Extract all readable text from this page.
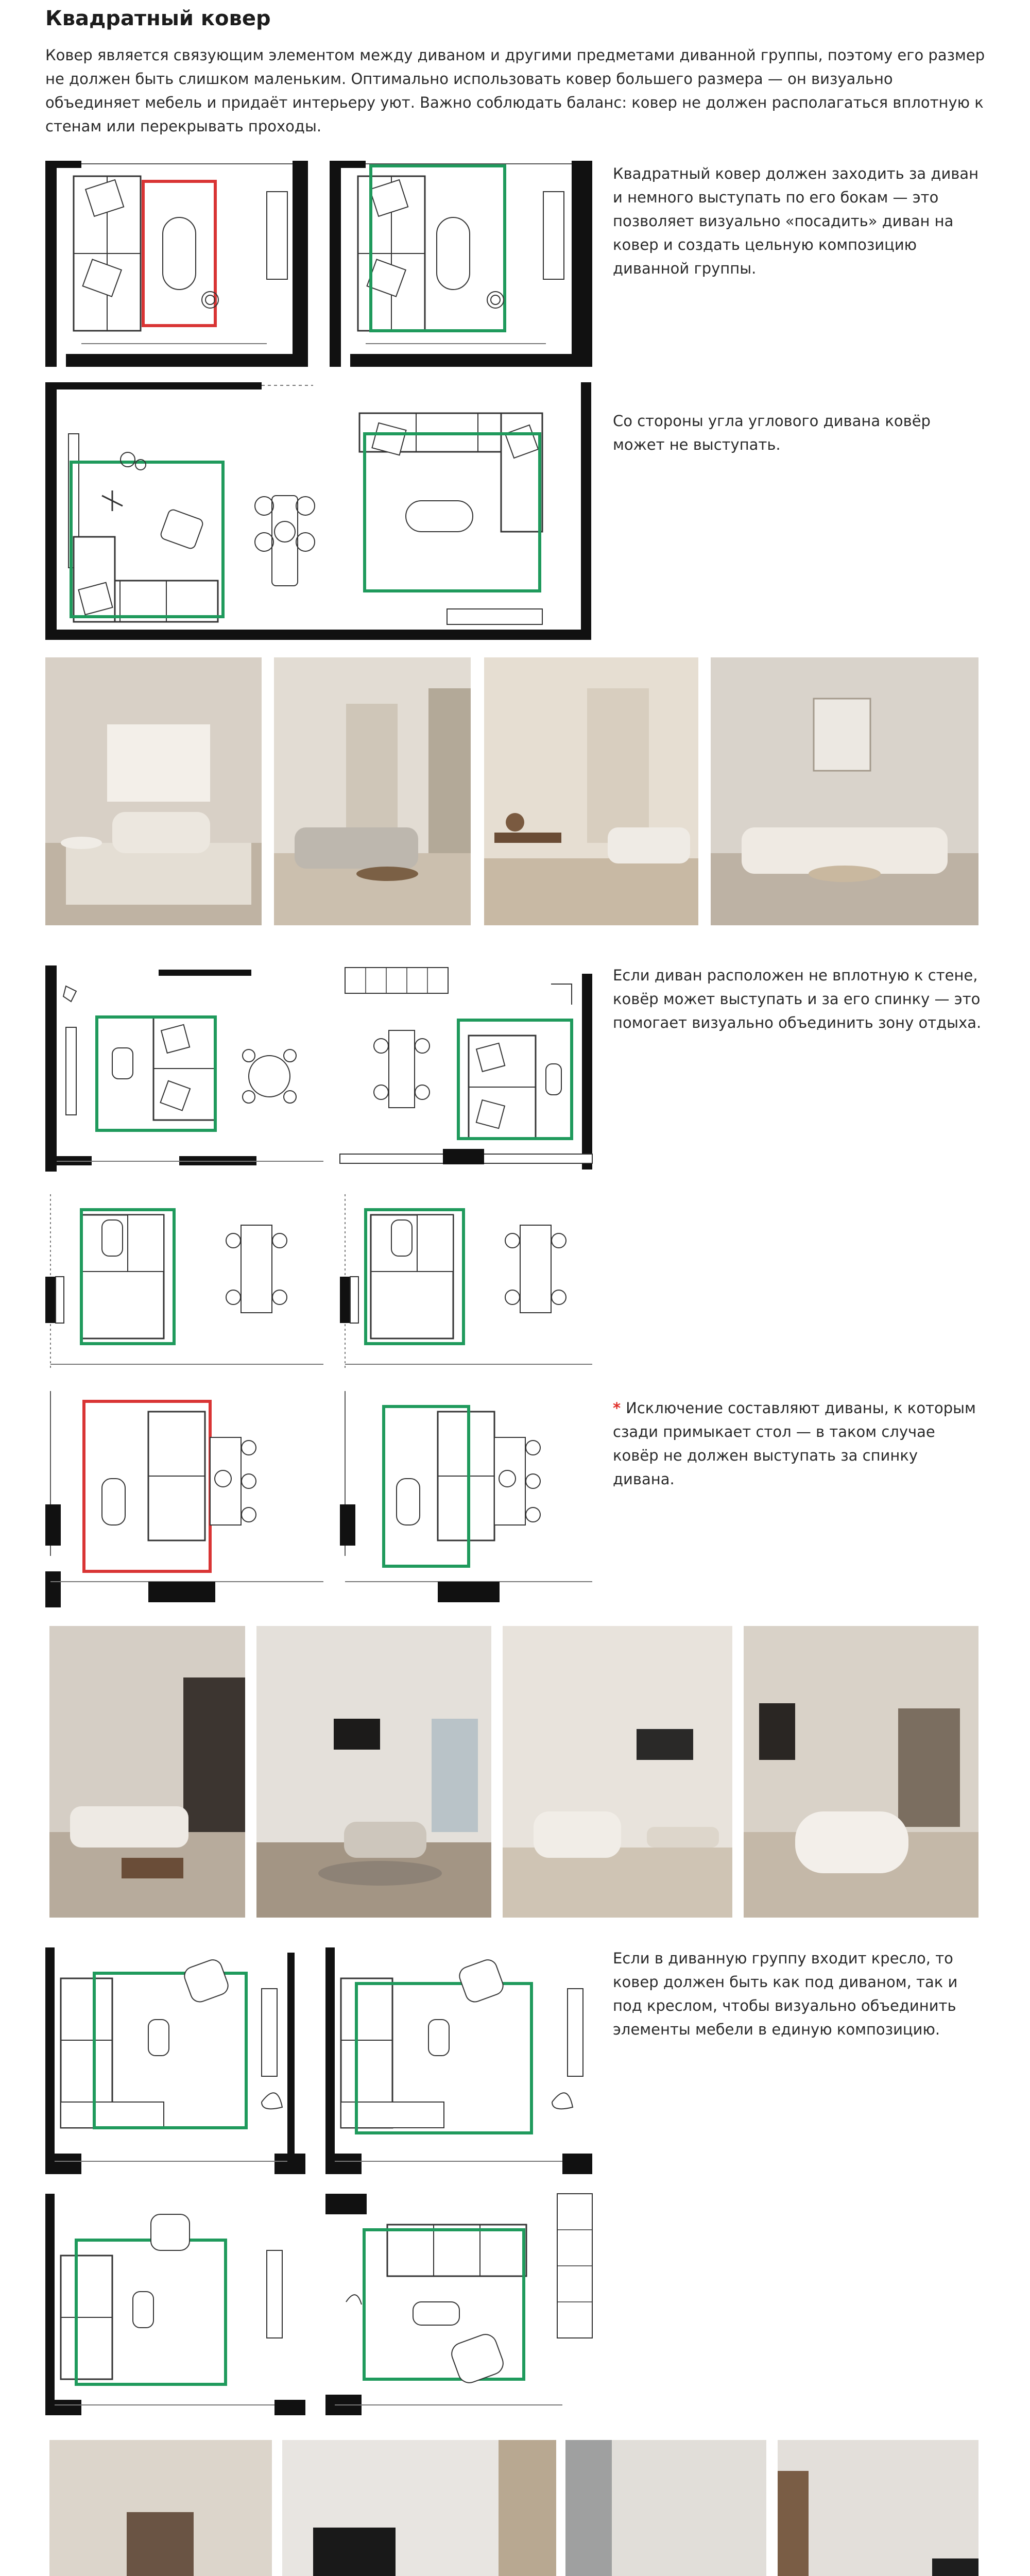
Квадратный ковер

Ковер является связующим элементом между диваном и другими предметами диванной группы, поэтому его размер не должен быть слишком маленьким. Оптимально использовать ковер большего размера — он визуально объединяет мебель и придаёт интерьеру уют. Важно соблюдать баланс: ковер не должен располагаться вплотную к стенам или перекрывать проходы.

Квадратный ковер должен заходить за диван и немного выступать по его бокам — это позволяет визуально «посадить» диван на ковер и создать цельную композицию диванной группы.

Со стороны угла углового дивана ковёр может не выступать.

Если диван расположен не вплотную к стене, ковёр может выступать и за его спинку — это помогает визуально объединить зону отдыха.

* Исключение составляют диваны, к которым сзади примыкает стол — в таком случае ковёр не должен выступать за спинку дивана.

Если в диванную группу входит кресло, то ковер должен быть как под диваном, так и под креслом, чтобы визуально объединить элементы мебели в единую композицию.
